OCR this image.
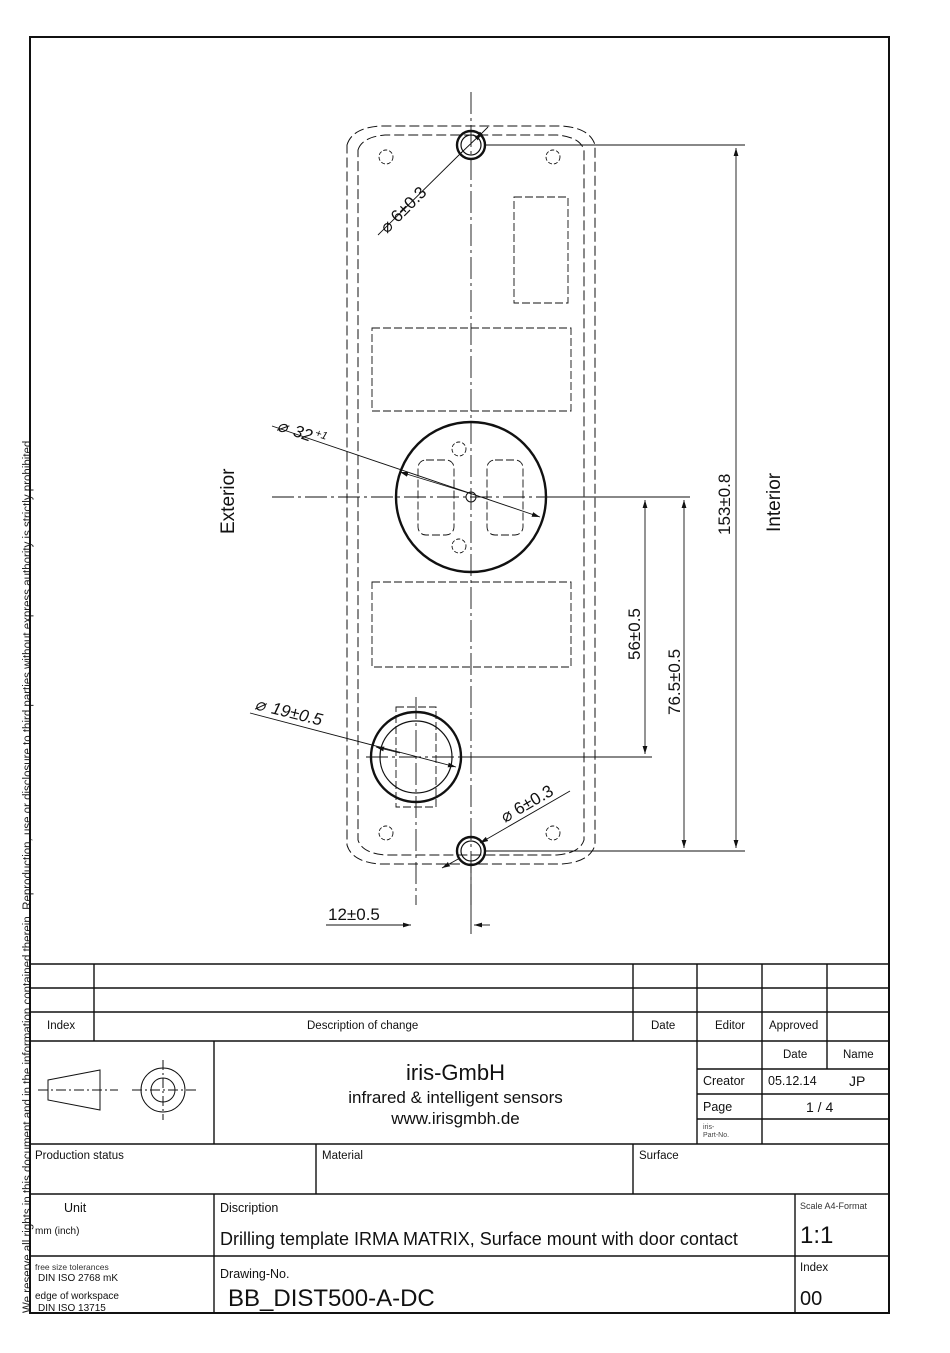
We reserve all rights in this document and in the information contained therein. Reproduction, use or disclosure to third parties without express authority is strictly prohibited.
⌀
6±0.3
⌀ 32
+1
⌀ 19±0.5
⌀
6±0.3
153±0.8
76.5±0.5
56±0.5
12±0.5
Exterior	Interior
Index	Description of change	Date	Editor Approved
iris-GmbH
infrared & intelligent sensors
www.irisgmbh.de
Date	Name
Creator 05.12.14 JP
Page	1 / 4
iris-
Part-No.
Production status	Material	Surface
Unit
mm (inch)
Discription
Drilling template IRMA MATRIX, Surface mount with door contact
Scale A4-Format
1:1
free size tolerances
DIN ISO 2768 mK
edge of workspace
DIN ISO 13715
Drawing-No.
BB_DIST500-A-DC
Index
00
